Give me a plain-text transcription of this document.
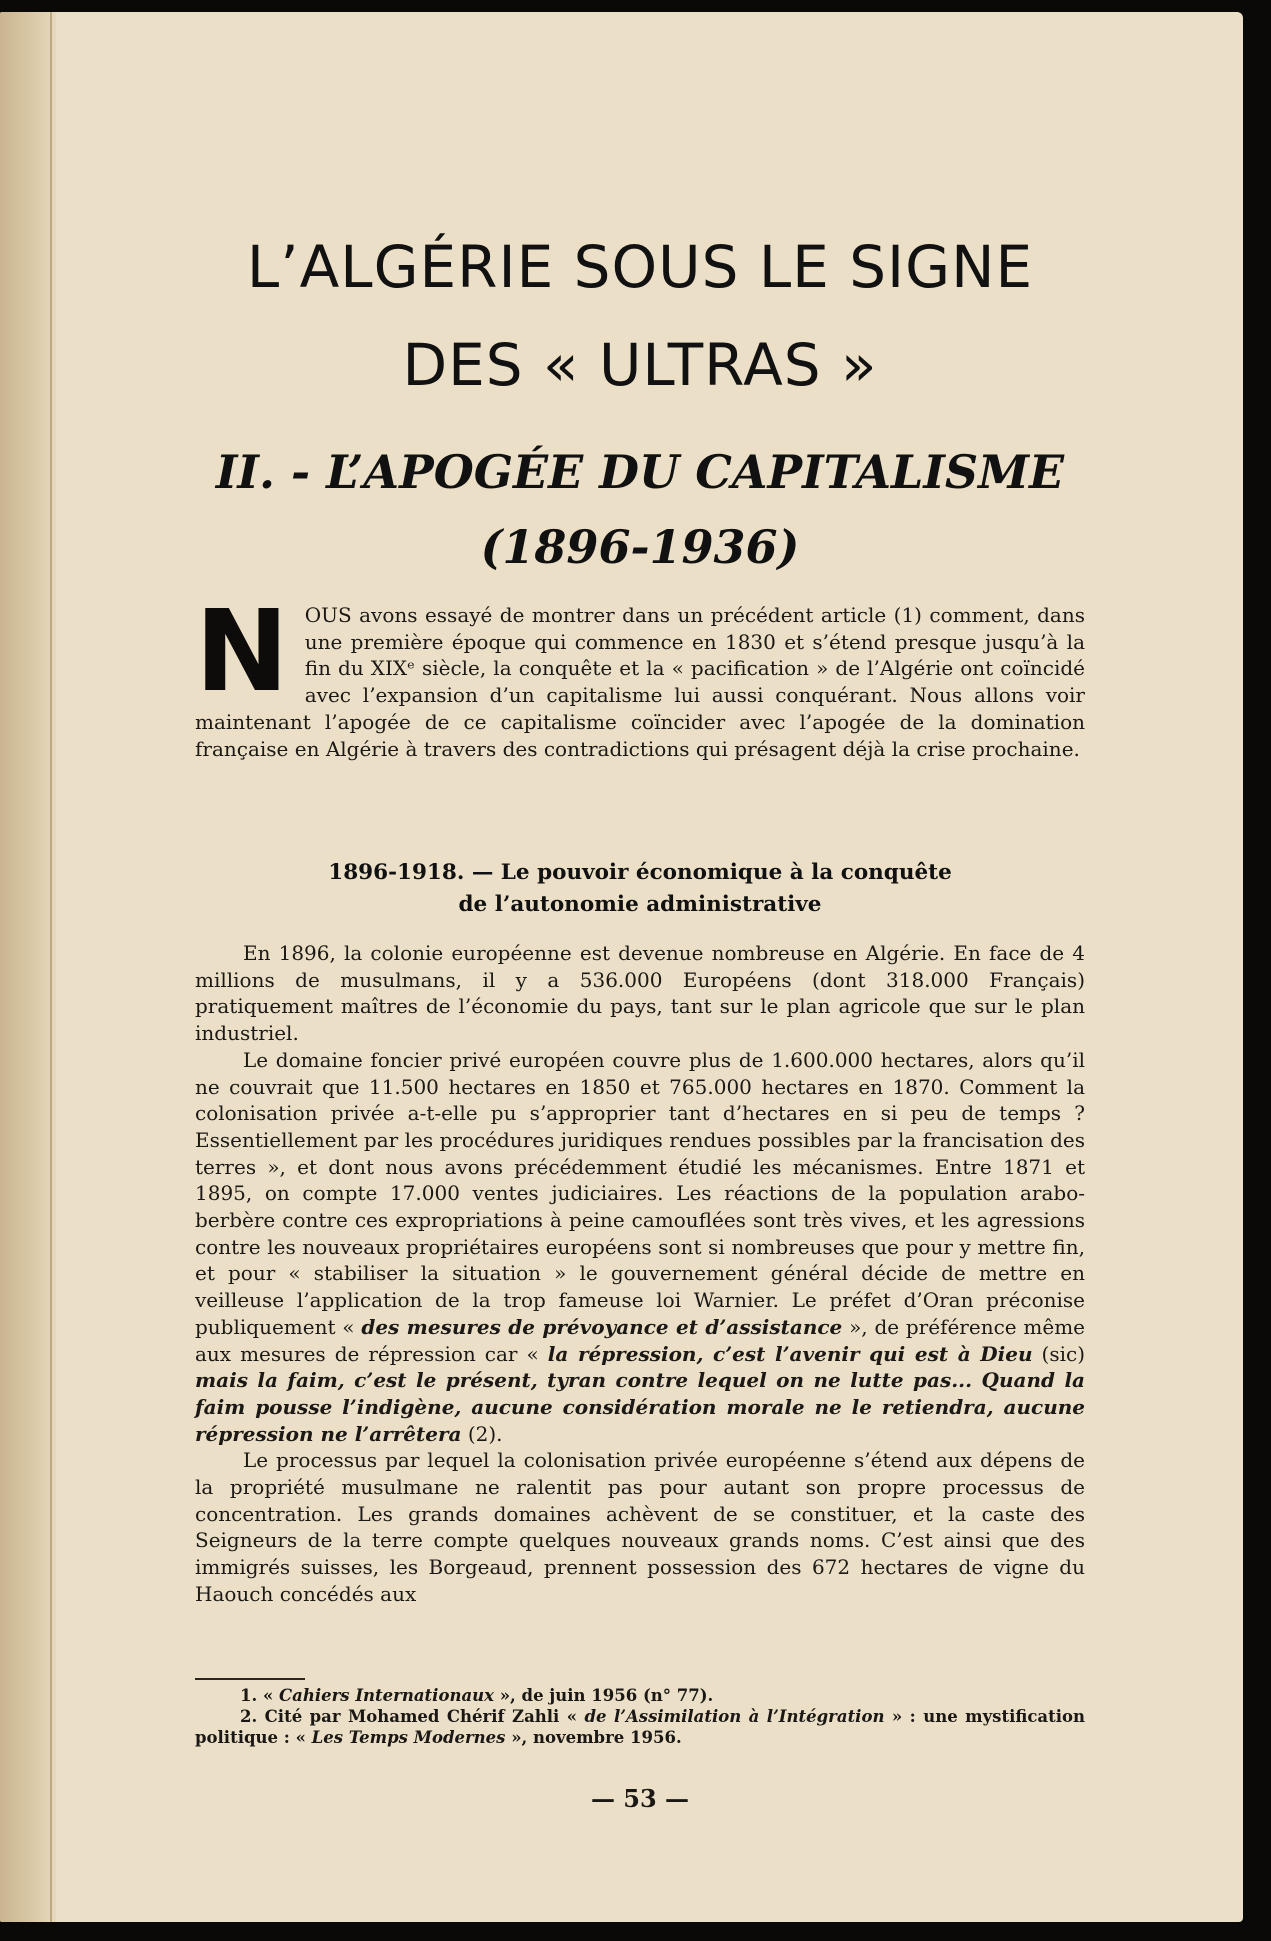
L’ALGÉRIE SOUS LE SIGNE
DES « ULTRAS »
II. - L’APOGÉE DU CAPITALISME
(1896-1936)

NOUS avons essayé de montrer dans un précédent article (1) comment, dans une première époque qui commence en 1830 et s’étend presque jusqu’à la fin du XIXᵉ siècle, la conquête et la « pacification » de l’Algérie ont coïncidé avec l’expansion d’un capitalisme lui aussi conquérant. Nous allons voir maintenant l’apogée de ce capitalisme coïncider avec l’apogée de la domination française en Algérie à travers des contradictions qui présagent déjà la crise prochaine.

1896-1918. — Le pouvoir économique à la conquête
de l’autonomie administrative

En 1896, la colonie européenne est devenue nombreuse en Algérie. En face de 4 millions de musulmans, il y a 536.000 Européens (dont 318.000 Français) pratiquement maîtres de l’économie du pays, tant sur le plan agricole que sur le plan industriel.

Le domaine foncier privé européen couvre plus de 1.600.000 hectares, alors qu’il ne couvrait que 11.500 hectares en 1850 et 765.000 hectares en 1870. Comment la colonisation privée a-t-elle pu s’approprier tant d’hectares en si peu de temps ? Essentiellement par les procédures juridiques rendues possibles par la francisation des terres », et dont nous avons précédemment étudié les mécanismes. Entre 1871 et 1895, on compte 17.000 ventes judiciaires. Les réactions de la population arabo-berbère contre ces expropriations à peine camouflées sont très vives, et les agressions contre les nouveaux propriétaires européens sont si nombreuses que pour y mettre fin, et pour « stabiliser la situation » le gouvernement général décide de mettre en veilleuse l’application de la trop fameuse loi Warnier. Le préfet d’Oran préconise publiquement « des mesures de prévoyance et d’assistance », de préférence même aux mesures de répression car « la répression, c’est l’avenir qui est à Dieu (sic) mais la faim, c’est le présent, tyran contre lequel on ne lutte pas... Quand la faim pousse l’indigène, aucune considération morale ne le retiendra, aucune répression ne l’arrêtera (2).

Le processus par lequel la colonisation privée européenne s’étend aux dépens de la propriété musulmane ne ralentit pas pour autant son propre processus de concentration. Les grands domaines achèvent de se constituer, et la caste des Seigneurs de la terre compte quelques nouveaux grands noms. C’est ainsi que des immigrés suisses, les Borgeaud, prennent possession des 672 hectares de vigne du Haouch concédés aux

1. « Cahiers Internationaux », de juin 1956 (n° 77).

2. Cité par Mohamed Chérif Zahli « de l’Assimilation à l’Intégration » : une mystification politique : « Les Temps Modernes », novembre 1956.

— 53 —
